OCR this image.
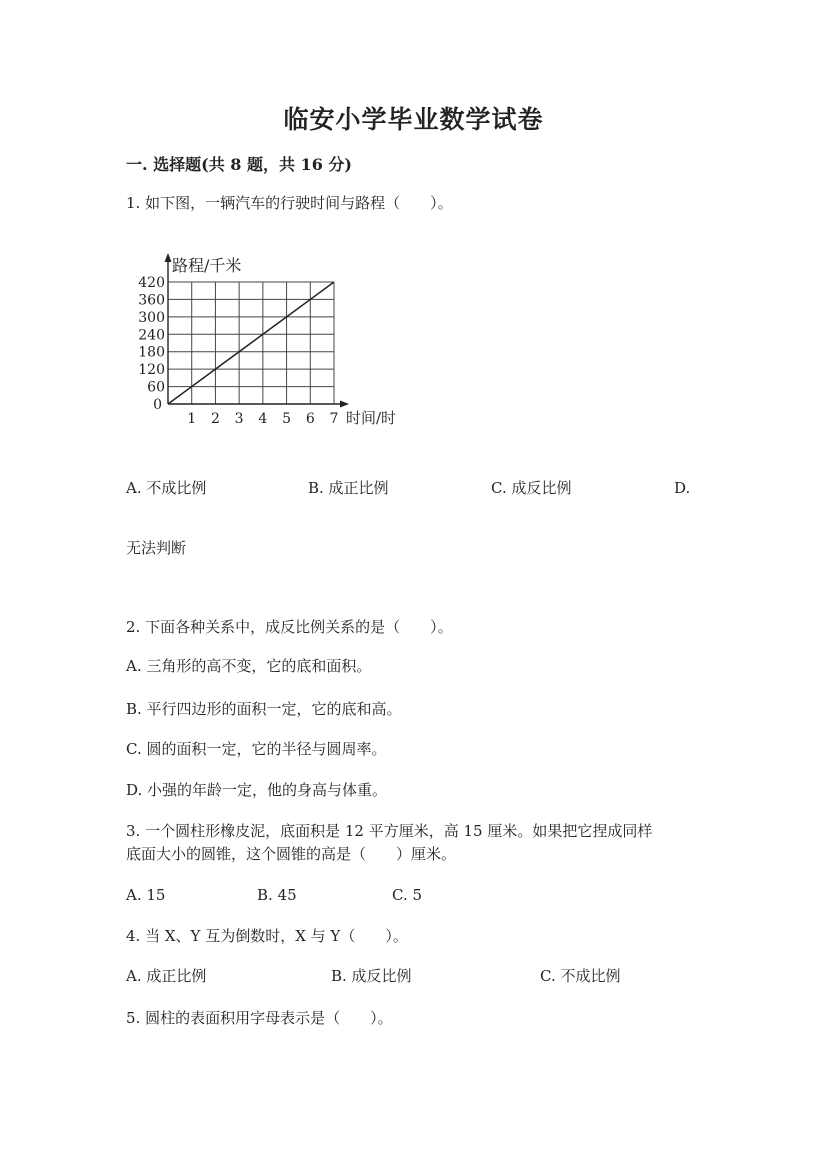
临安小学毕业数学试卷
一. 选择题(共 8 题，共 16 分)
1. 如下图，一辆汽车的行驶时间与路程（　　）。
路程/千米
时间/时
60
120
180
240
300
360
420
0
1 2 3 4 5 6 7
A. 不成比例	B. 成正比例	C. 成反比例	D.
无法判断
2. 下面各种关系中，成反比例关系的是（　　）。
A. 三角形的高不变，它的底和面积。
B. 平行四边形的面积一定，它的底和高。
C. 圆的面积一定，它的半径与圆周率。
D. 小强的年龄一定，他的身高与体重。
3. 一个圆柱形橡皮泥，底面积是 12 平方厘米，高 15 厘米。如果把它捏成同样
底面大小的圆锥，这个圆锥的高是（　　）厘米。
A. 15	B. 45	C. 5
4. 当 X、Y 互为倒数时，X 与 Y（　　）。
A. 成正比例	B. 成反比例	C. 不成比例
5. 圆柱的表面积用字母表示是（　　）。
